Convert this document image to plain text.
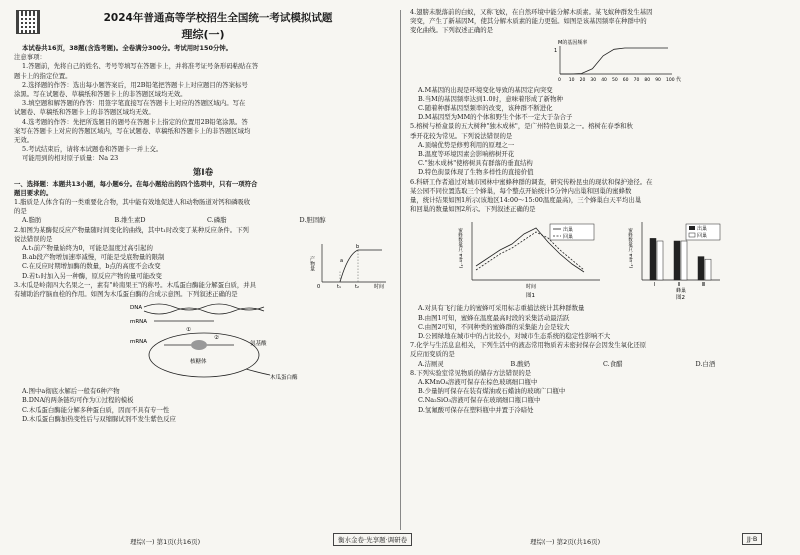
2024年普通高等学校招生全国统一考试模拟试题
理综(一)
本试卷共16页，38题(含选考题)。全卷满分300分。考试用时150分钟。
注意事项：
1.答题前，先将自己的姓名、考号等填写在答题卡上，并将准考证号条形码粘贴在答
题卡上的指定位置。
2.选择题的作答：选出每小题答案后，用2B铅笔把答题卡上对应题目的答案标号
涂黑。写在试题卷、草稿纸和答题卡上的非答题区域均无效。
3.填空题和解答题的作答：用签字笔直接写在答题卡上对应的答题区域内。写在
试题卷、草稿纸和答题卡上的非答题区域均无效。
4.选考题的作答：先把所选题目的题号在答题卡上指定的位置用2B铅笔涂黑。答
案写在答题卡上对应的答题区域内，写在试题卷、草稿纸和答题卡上的非答题区域均
无效。
5.考试结束后，请将本试题卷和答题卡一并上交。
可能用到的相对原子质量：Na 23
第Ⅰ卷
一、选择题：本题共13小题，每小题6分。在每小题给出的四个选项中，只有一项符合
题目要求的。
1.脂质是人体含有的一类重要化合物，其中能有效地促进人和动物肠道对钙和磷吸收
的是
A.脂肪	B.维生素D	C.磷脂	D.胆固醇
2.如图为某酶促反应产物量随时间变化的曲线，其中t₁时改变了某种反应条件。下列
说法错误的是
A.t₁前产物量始终为0，可能是温度过高引起的
B.ab段产物增加速率减慢，可能是受底物量的限制
C.在反应时期增加酶的数量，b点的高度不会改变
D.若t₁时加入另一种酶，原反应产物的量可能改变
产物量
时间
a
b
t₁	t₂
0
3.木瓜是岭南四大名果之一，素有"岭南果王"的称号。木瓜蛋白酶能分解蛋白质，并具
有辅助治疗脑血栓的作用。如图为木瓜蛋白酶的合成示意图。下列叙述正确的是
DNA
mRNA
①
mRNA
核糖体
②
氨基酸
木瓜蛋白酶
A.图中a彻底水解后一般有6种产物
B.DNA的两条链均可作为①过程的模板
C.木瓜蛋白酶能分解多种蛋白质，因而不具有专一性
D.木瓜蛋白酶加热变性后与双缩脲试剂不发生紫色反应
4.翅膀未脱落前的白蚁，又称飞蚁，在自然环境中能分解木质素。某飞蚁种群发生基因
突变，产生了新基因M，使其分解木质素的能力更强。如图是该基因频率在种群中的
变化曲线。下列叙述正确的是
M的基因频率
1
0 10 20 30 40 50 60 70 80 90 100 代
A.M基因的出现是环境变化导致的基因定向突变
B.当M的基因频率达到1.0时，意味着形成了新物种
C.随着种群基因型频率的改变，该种群不断进化
D.M基因型为MM的个体和野生个体不一定大于杂合子
5.榕树与桥盒景的五大树种"独木成林"，是广州特色街景之一。榕树在春季和秋
季开花较为常见。下列说法错误的是
A.顶端优势是修剪利用的原理之一
B.温度等环境因素会影响榕树开花
C."独木成林"使榕树具有群落的垂直结构
D.特色街景体现了生物多样性的直接价值
6.科研工作者通过对城市园林中蜜蜂种群的调查，研究传粉昆虫的现状和保护途径。在
某公园不同位置选取三个蜂巢，每个整点开始统计5分钟内出巢和回巢的蜜蜂数
量，统计结果如图1所示(该地区14:00～15:00温度最高)，三个蜂巢白天平均出巢
和回巢的数量如图2所示。下列叙述正确的是
蜜蜂数量(只·min⁻¹)	出巢
回巢
时间
图1
蜜蜂数量(只·min⁻¹)
Ⅰ	Ⅱ	Ⅲ
出巢
回巢
蜂巢
图2
A.对具有飞行能力的蜜蜂可采用标志重捕法统计其种群数量
B.由图1可知，蜜蜂在温度最高时段的采集活动最活跃
C.由图2可知，不同种类的蜜蜂群的采集能力会是较大
D.公园绿地在城市中的占比较小，对城市生态系统的稳定性影响不大
7.化学与生活息息相关，下列生活中的液态常用物质若未密封保存会因发生氧化还原
反应而变质的是
A.洁厕灵	B.酸奶	C.食醋	D.白酒
8.下列实验室常见物质的储存方法错误的是
A.KMnO₄溶液可保存在棕色玻璃细口瓶中
B.少量钠可保存在装有煤油或石蜡油的玻璃广口瓶中
C.Na₂SiO₃溶液可保存在玻璃细口瓶口瓶中
D.氢氟酸可保存在塑料瓶中并置于冷暗处
理综(一) 第1页(共16页)	衡水金卷·先享题·调研卷	理综(一) 第2页(共16页)	JJ·B
